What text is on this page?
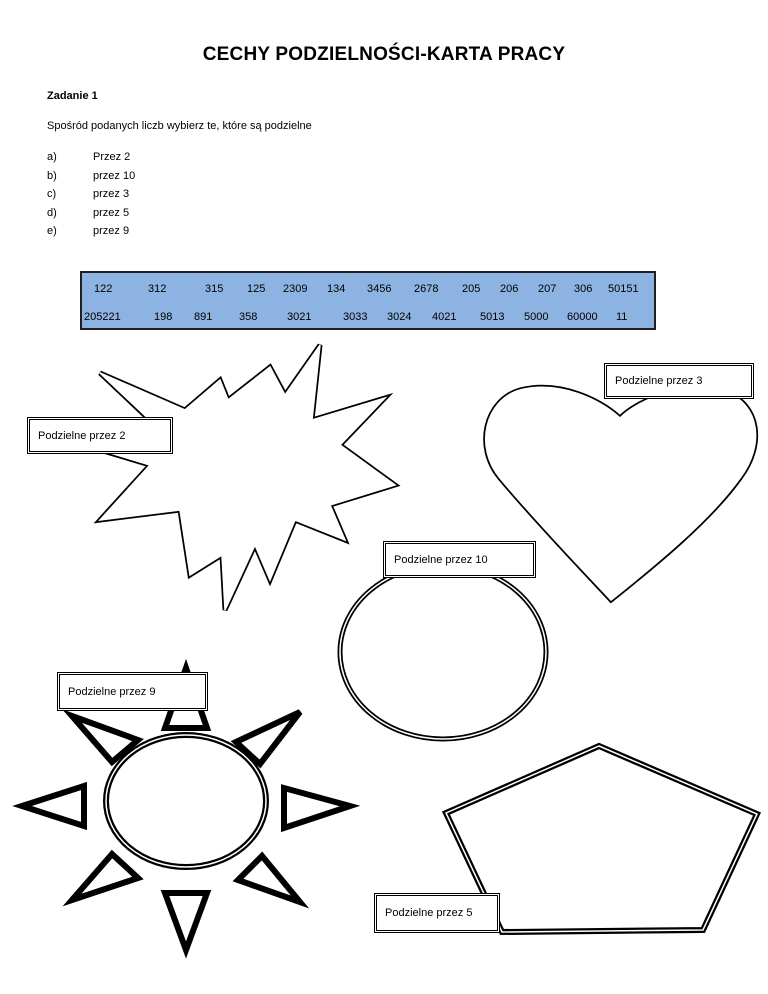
CECHY PODZIELNOŚCI-KARTA PRACY
Zadanie 1
Spośród podanych liczb wybierz te, które są podzielne
a)	Przez 2
b)	przez 10
c)	przez 3
d)	przez 5
e)	przez 9
122	312	315 125 2309 134 3456 2678 205 206 207 306 50151
205221	198 891 358	3021	3033 3024 4021 5013 5000 60000 11
Podzielne przez 2
Podzielne przez 3
Podzielne przez 10
Podzielne przez 9
Podzielne przez 5
